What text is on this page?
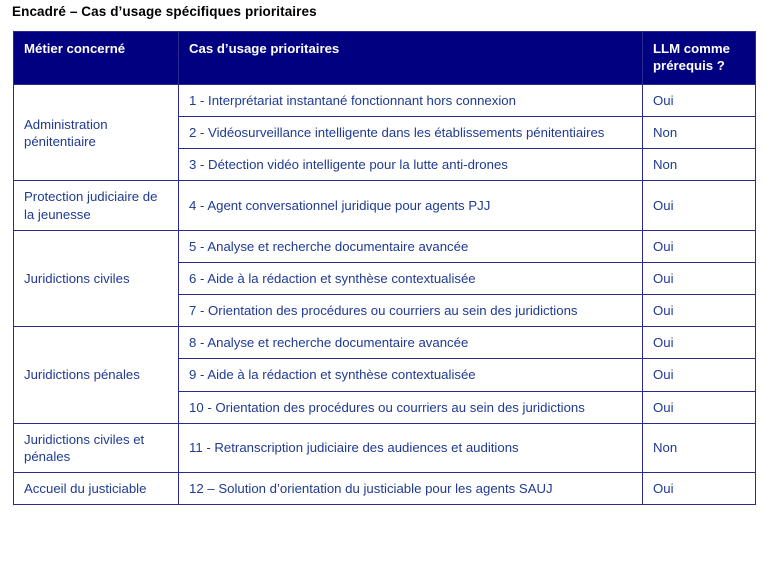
Encadré – Cas d’usage spécifiques prioritaires
Métier concerné	Cas d’usage prioritaires	LLM comme prérequis ?
Administration pénitentiaire	1 - Interprétariat instantané fonctionnant hors connexion	Oui
	2 - Vidéosurveillance intelligente dans les établissements pénitentiaires	Non
	3 - Détection vidéo intelligente pour la lutte anti-drones	Non
Protection judiciaire de la jeunesse	4 - Agent conversationnel juridique pour agents PJJ	Oui
Juridictions civiles	5 - Analyse et recherche documentaire avancée	Oui
	6 - Aide à la rédaction et synthèse contextualisée	Oui
	7 - Orientation des procédures ou courriers au sein des juridictions	Oui
Juridictions pénales	8 - Analyse et recherche documentaire avancée	Oui
	9 - Aide à la rédaction et synthèse contextualisée	Oui
	10 - Orientation des procédures ou courriers au sein des juridictions	Oui
Juridictions civiles et pénales	11 - Retranscription judiciaire des audiences et auditions	Non
Accueil du justiciable	12 – Solution d’orientation du justiciable pour les agents SAUJ	Oui
